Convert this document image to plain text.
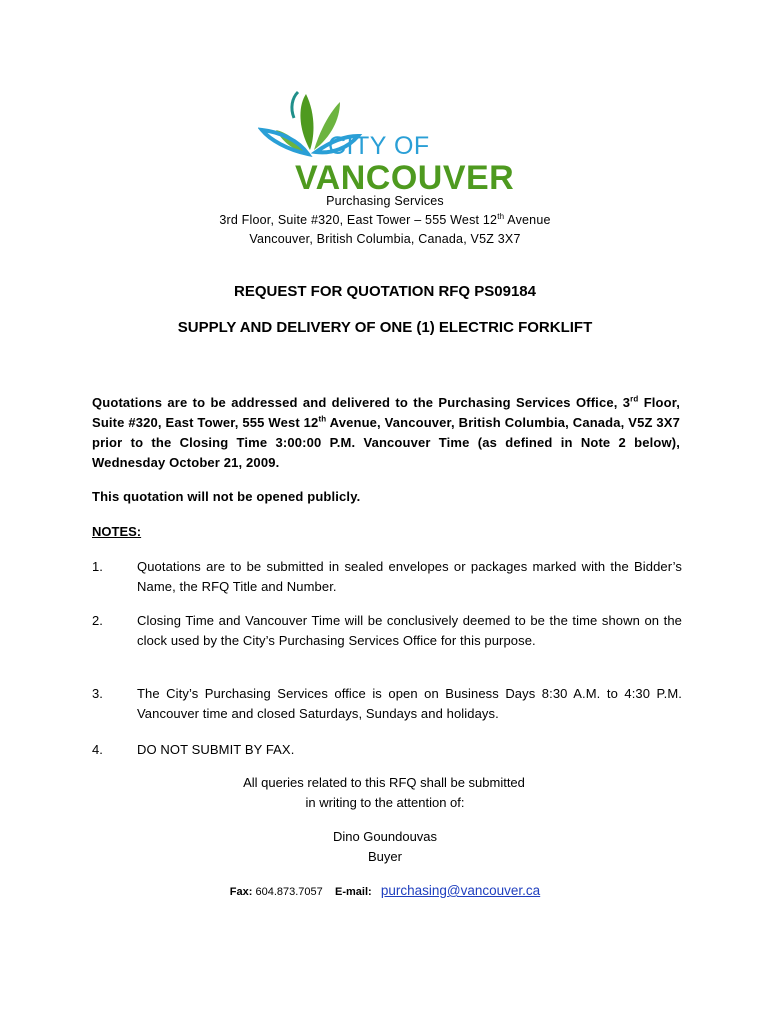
CITY OF
VANCOUVER
Purchasing Services
3rd Floor, Suite #320, East Tower – 555 West 12th Avenue
Vancouver, British Columbia, Canada, V5Z 3X7
REQUEST FOR QUOTATION RFQ PS09184
SUPPLY AND DELIVERY OF ONE (1) ELECTRIC FORKLIFT
Quotations are to be addressed and delivered to the Purchasing Services Office, 3rd Floor, Suite #320, East Tower, 555 West 12th Avenue, Vancouver, British Columbia, Canada, V5Z 3X7 prior to the Closing Time 3:00:00 P.M. Vancouver Time (as defined in Note 2 below), Wednesday October 21, 2009.
This quotation will not be opened publicly.
NOTES:
1.	Quotations are to be submitted in sealed envelopes or packages marked with the Bidder’s Name, the RFQ Title and Number.
2.	Closing Time and Vancouver Time will be conclusively deemed to be the time shown on the clock used by the City’s Purchasing Services Office for this purpose.
3.	The City’s Purchasing Services office is open on Business Days 8:30 A.M. to 4:30 P.M. Vancouver time and closed Saturdays, Sundays and holidays.
4.	DO NOT SUBMIT BY FAX.
All queries related to this RFQ shall be submitted
in writing to the attention of:
Dino Goundouvas
Buyer
Fax: 604.873.7057 E-mail: purchasing@vancouver.ca
